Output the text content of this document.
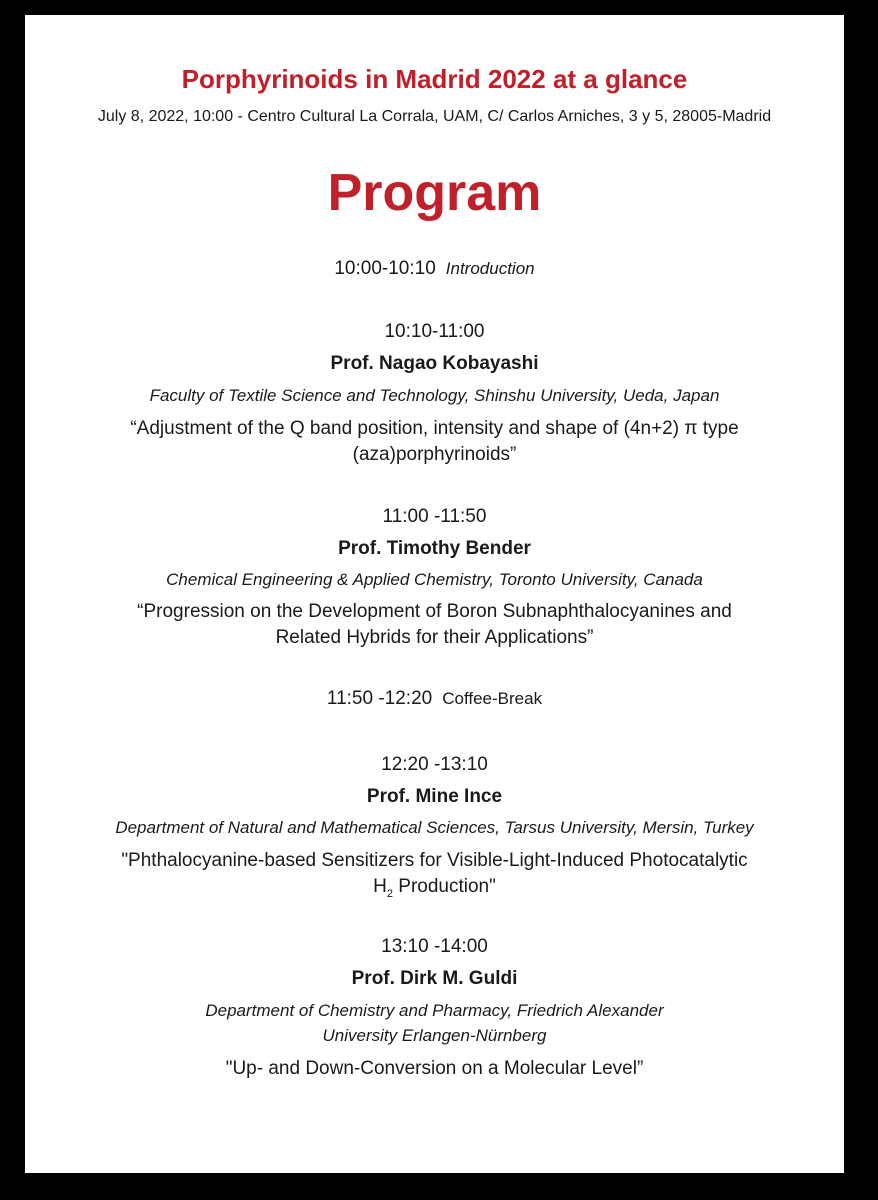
Porphyrinoids in Madrid 2022 at a glance
July 8, 2022, 10:00 - Centro Cultural La Corrala, UAM, C/ Carlos Arniches, 3 y 5, 28005-Madrid
Program
10:00-10:10 Introduction
10:10-11:00
Prof. Nagao Kobayashi
Faculty of Textile Science and Technology, Shinshu University, Ueda, Japan
“Adjustment of the Q band position, intensity and shape of (4n+2) π type
(aza)porphyrinoids”
11:00 -11:50
Prof. Timothy Bender
Chemical Engineering & Applied Chemistry, Toronto University, Canada
“Progression on the Development of Boron Subnaphthalocyanines and
Related Hybrids for their Applications”
11:50 -12:20 Coffee-Break
12:20 -13:10
Prof. Mine Ince
Department of Natural and Mathematical Sciences, Tarsus University, Mersin, Turkey
"Phthalocyanine-based Sensitizers for Visible-Light-Induced Photocatalytic
$H_2$ Production"
13:10 -14:00
Prof. Dirk M. Guldi
Department of Chemistry and Pharmacy, Friedrich Alexander
University Erlangen-Nürnberg
"Up- and Down-Conversion on a Molecular Level”
